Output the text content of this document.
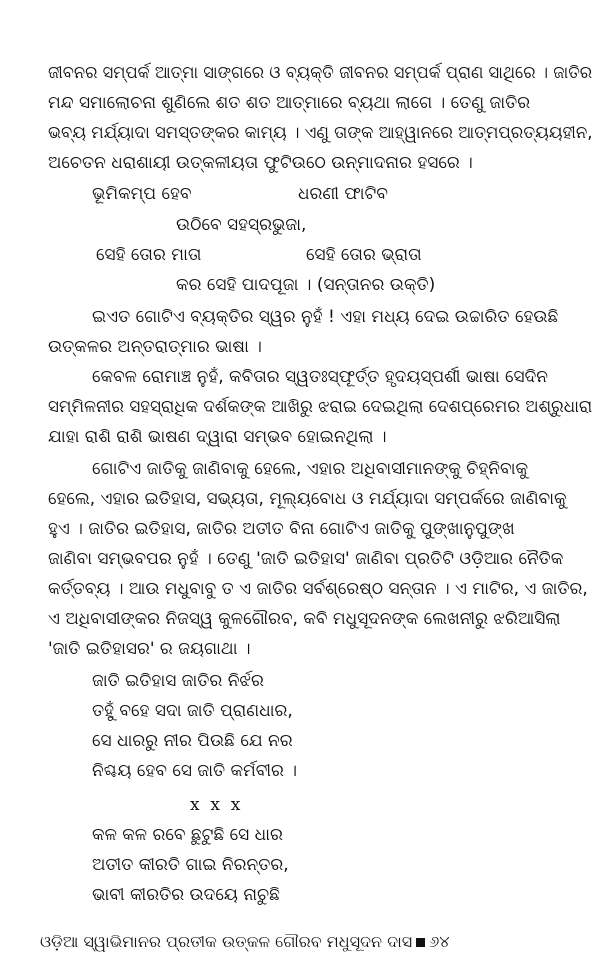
ଜୀବନର ସମ୍ପର୍କ ଆତ୍ମା ସାଙ୍ଗରେ ଓ ବ୍ୟକ୍ତି ଜୀବନର ସମ୍ପର୍କ ପ୍ରାଣ ସାଥିରେ । ଜାତିର
ମନ୍ଦ ସମାଲୋଚନା ଶୁଣିଲେ ଶତ ଶତ ଆତ୍ମାରେ ବ୍ୟଥା ଲାଗେ । ତେଣୁ ଜାତିର
ଭବ୍ୟ ମର୍ଯ୍ୟାଦା ସମସ୍ତଙ୍କର କାମ୍ୟ । ଏଣୁ ତାଙ୍କ ଆହ୍ୱାନରେ ଆତ୍ମପ୍ରତ୍ୟୟହୀନ,
ଅଚେତନ ଧରାଶାୟୀ ଉତ୍କଳୀୟତା ଫୁଟିଉଠେ ଉନ୍ମାଦନାର ହସରେ ।
ଭୂମିକମ୍ପ ହେବ	ଧରଣୀ ଫାଟିବ
ଉଠିବେ ସହସ୍ରଭୁଜା,
ସେହି ତୋର ମାତା	ସେହି ତୋର ଭ୍ରାତା
କର ସେହି ପାଦପୂଜା । (ସନ୍ତାନର ଉକ୍ତି)
ଇଏତ ଗୋଟିଏ ବ୍ୟକ୍ତିର ସ୍ୱର ନୁହଁ ! ଏହା ମଧ୍ୟ ଦେଇ ଉଚ୍ଚାରିତ ହେଉଛି
ଉତ୍କଳର ଅନ୍ତରାତ୍ମାର ଭାଷା ।
କେବଳ ରୋମାଞ୍ଚ ନୁହଁ, କବିତାର ସ୍ୱତଃସ୍ଫୂର୍ତ୍ତ ହୃଦୟସ୍ପର୍ଶୀ ଭାଷା ସେଦିନ
ସମ୍ମିଳନୀର ସହସ୍ରାଧିକ ଦର୍ଶକଙ୍କ ଆଖିରୁ ଝରାଇ ଦେଇଥିଲା ଦେଶପ୍ରେମର ଅଶ୍ରୁଧାରା
ଯାହା ରାଶି ରାଶି ଭାଷଣ ଦ୍ୱାରା ସମ୍ଭବ ହୋଇନଥିଲା ।
ଗୋଟିଏ ଜାତିକୁ ଜାଣିବାକୁ ହେଲେ, ଏହାର ଅଧିବାସୀମାନଙ୍କୁ ଚିହ୍ନିବାକୁ
ହେଲେ, ଏହାର ଇତିହାସ, ସଭ୍ୟତା, ମୂଲ୍ୟବୋଧ ଓ ମର୍ଯ୍ୟାଦା ସମ୍ପର୍କରେ ଜାଣିବାକୁ
ହୁଏ । ଜାତିର ଇତିହାସ, ଜାତିର ଅତୀତ ବିନା ଗୋଟିଏ ଜାତିକୁ ପୁଙ୍ଖାନୁପୁଙ୍ଖ
ଜାଣିବା ସମ୍ଭବପର ନୁହଁ । ତେଣୁ 'ଜାତି ଇତିହାସ' ଜାଣିବା ପ୍ରତିଟି ଓଡ଼ିଆର ନୈତିକ
କର୍ତ୍ତବ୍ୟ । ଆଉ ମଧୁବାବୁ ତ ଏ ଜାତିର ସର୍ବଶ୍ରେଷ୍ଠ ସନ୍ତାନ । ଏ ମାଟିର, ଏ ଜାତିର,
ଏ ଅଧିବାସୀଙ୍କର ନିଜସ୍ୱ କୁଳଗୌରବ, କବି ମଧୁସୂଦନଙ୍କ ଲେଖନୀରୁ ଝରିଆସିଲା
'ଜାତି ଇତିହାସର' ର ଜୟଗାଥା ।
ଜାତି ଇତିହାସ ଜାତିର ନିର୍ଝର
ତହୁଁ ବହେ ସଦା ଜାତି ପ୍ରାଣଧାର,
ସେ ଧାରରୁ ନୀର ପିଉଛି ଯେ ନର
ନିଶ୍ଚୟ ହେବ ସେ ଜାତି କର୍ମବୀର ।
x  x  x
କଳ କଳ ରବେ ଛୁଟୁଛି ସେ ଧାର
ଅତୀତ କୀରତି ଗାଇ ନିରନ୍ତର,
ଭାବୀ କୀରତିର ଉଦୟେ ନାଚୁଛି
ଓଡ଼ିଆ ସ୍ୱାଭିମାନର ପ୍ରତୀକ ଉତ୍କଳ ଗୌରବ ମଧୁସୂଦନ ଦାସ ୬୪
